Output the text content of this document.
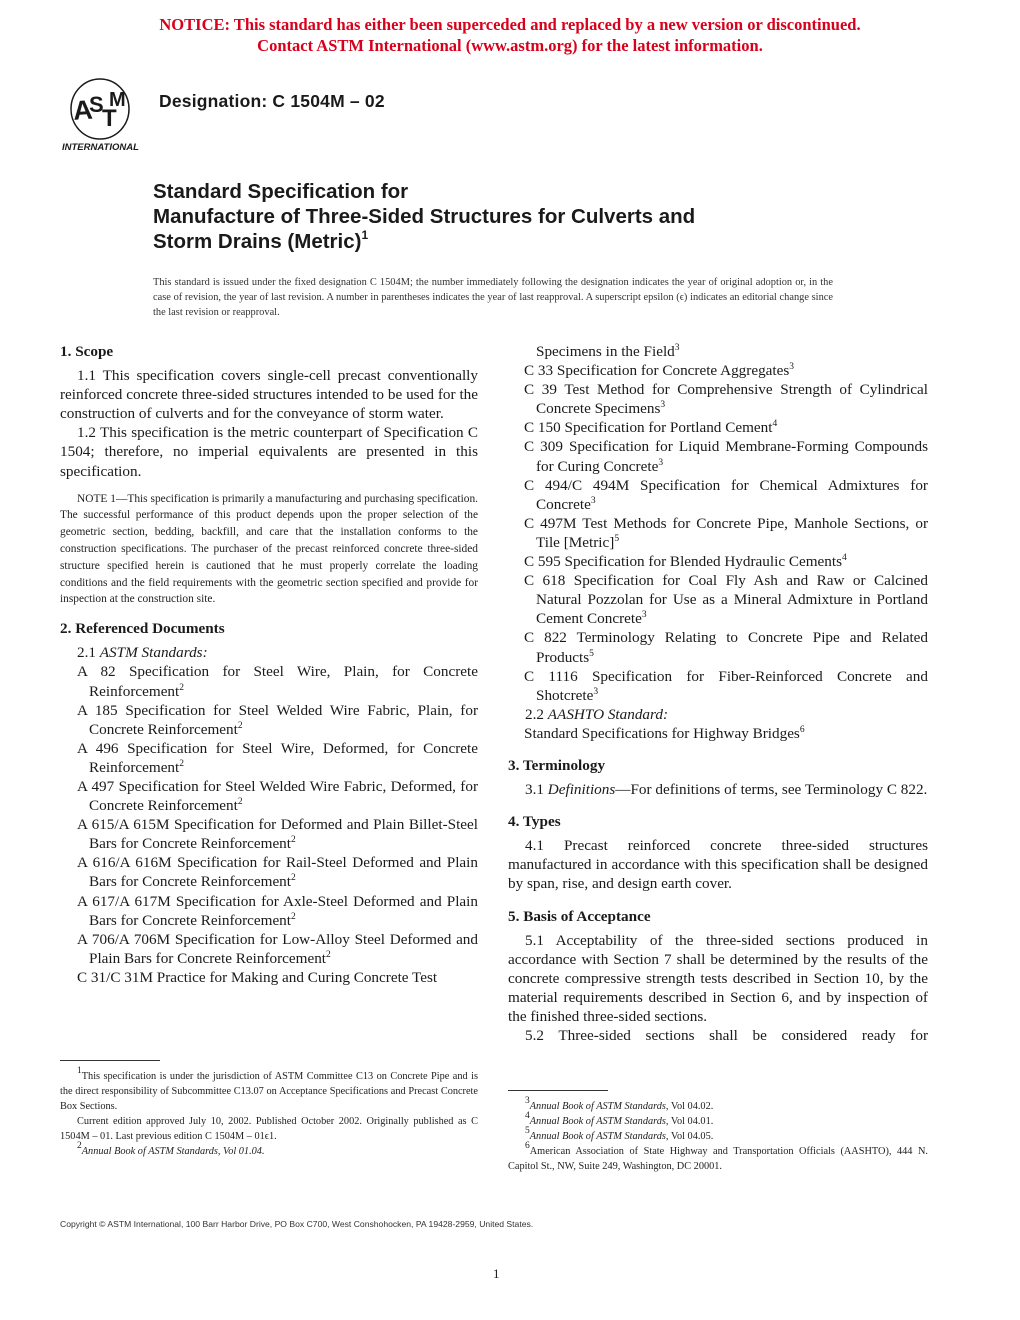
NOTICE: This standard has either been superceded and replaced by a new version or discontinued.
Contact ASTM International (www.astm.org) for the latest information.
A
S
T
M
INTERNATIONAL
Designation: C 1504M – 02
Standard Specification for
Manufacture of Three-Sided Structures for Culverts and
Storm Drains (Metric)$^1$
This standard is issued under the fixed designation C 1504M; the number immediately following the designation indicates the year of original adoption or, in the case of revision, the year of last revision. A number in parentheses indicates the year of last reapproval. A superscript epsilon (ϵ) indicates an editorial change since the last revision or reapproval.

1. Scope

1.1 This specification covers single-cell precast conventionally reinforced concrete three-sided structures intended to be used for the construction of culverts and for the conveyance of storm water.

1.2 This specification is the metric counterpart of Specification C 1504; therefore, no imperial equivalents are presented in this specification.

NOTE 1—This specification is primarily a manufacturing and purchasing specification. The successful performance of this product depends upon the proper selection of the geometric section, bedding, backfill, and care that the installation conforms to the construction specifications. The purchaser of the precast reinforced concrete three-sided structure specified herein is cautioned that he must properly correlate the loading conditions and the field requirements with the geometric section specified and provide for inspection at the construction site.

2. Referenced Documents

2.1 ASTM Standards:

A 82 Specification for Steel Wire, Plain, for Concrete Reinforcement$^2$

A 185 Specification for Steel Welded Wire Fabric, Plain, for Concrete Reinforcement$^2$

A 496 Specification for Steel Wire, Deformed, for Concrete Reinforcement$^2$

A 497 Specification for Steel Welded Wire Fabric, Deformed, for Concrete Reinforcement$^2$

A 615/A 615M Specification for Deformed and Plain Billet-Steel Bars for Concrete Reinforcement$^2$

A 616/A 616M Specification for Rail-Steel Deformed and Plain Bars for Concrete Reinforcement$^2$

A 617/A 617M Specification for Axle-Steel Deformed and Plain Bars for Concrete Reinforcement$^2$

A 706/A 706M Specification for Low-Alloy Steel Deformed and Plain Bars for Concrete Reinforcement$^2$

C 31/C 31M Practice for Making and Curing Concrete Test

$^1$This specification is under the jurisdiction of ASTM Committee C13 on Concrete Pipe and is the direct responsibility of Subcommittee C13.07 on Acceptance Specifications and Precast Concrete Box Sections.

Current edition approved July 10, 2002. Published October 2002. Originally published as C 1504M – 01. Last previous edition C 1504M – 01ϵ1.

$^2$Annual Book of ASTM Standards, Vol 01.04.

Specimens in the Field$^3$

C 33 Specification for Concrete Aggregates$^3$

C 39 Test Method for Comprehensive Strength of Cylindrical Concrete Specimens$^3$

C 150 Specification for Portland Cement$^4$

C 309 Specification for Liquid Membrane-Forming Compounds for Curing Concrete$^3$

C 494/C 494M Specification for Chemical Admixtures for Concrete$^3$

C 497M Test Methods for Concrete Pipe, Manhole Sections, or Tile [Metric]$^5$

C 595 Specification for Blended Hydraulic Cements$^4$

C 618 Specification for Coal Fly Ash and Raw or Calcined Natural Pozzolan for Use as a Mineral Admixture in Portland Cement Concrete$^3$

C 822 Terminology Relating to Concrete Pipe and Related Products$^5$

C 1116 Specification for Fiber-Reinforced Concrete and Shotcrete$^3$

2.2 AASHTO Standard:

Standard Specifications for Highway Bridges$^6$

3. Terminology

3.1 Definitions—For definitions of terms, see Terminology C 822.

4. Types

4.1 Precast reinforced concrete three-sided structures manufactured in accordance with this specification shall be designed by span, rise, and design earth cover.

5. Basis of Acceptance

5.1 Acceptability of the three-sided sections produced in accordance with Section 7 shall be determined by the results of the concrete compressive strength tests described in Section 10, by the material requirements described in Section 6, and by inspection of the finished three-sided sections.

5.2 Three-sided sections shall be considered ready for

$^3$Annual Book of ASTM Standards, Vol 04.02.

$^4$Annual Book of ASTM Standards, Vol 04.01.

$^5$Annual Book of ASTM Standards, Vol 04.05.

$^6$American Association of State Highway and Transportation Officials (AASHTO), 444 N. Capitol St., NW, Suite 249, Washington, DC 20001.

Copyright © ASTM International, 100 Barr Harbor Drive, PO Box C700, West Conshohocken, PA 19428-2959, United States.
1
